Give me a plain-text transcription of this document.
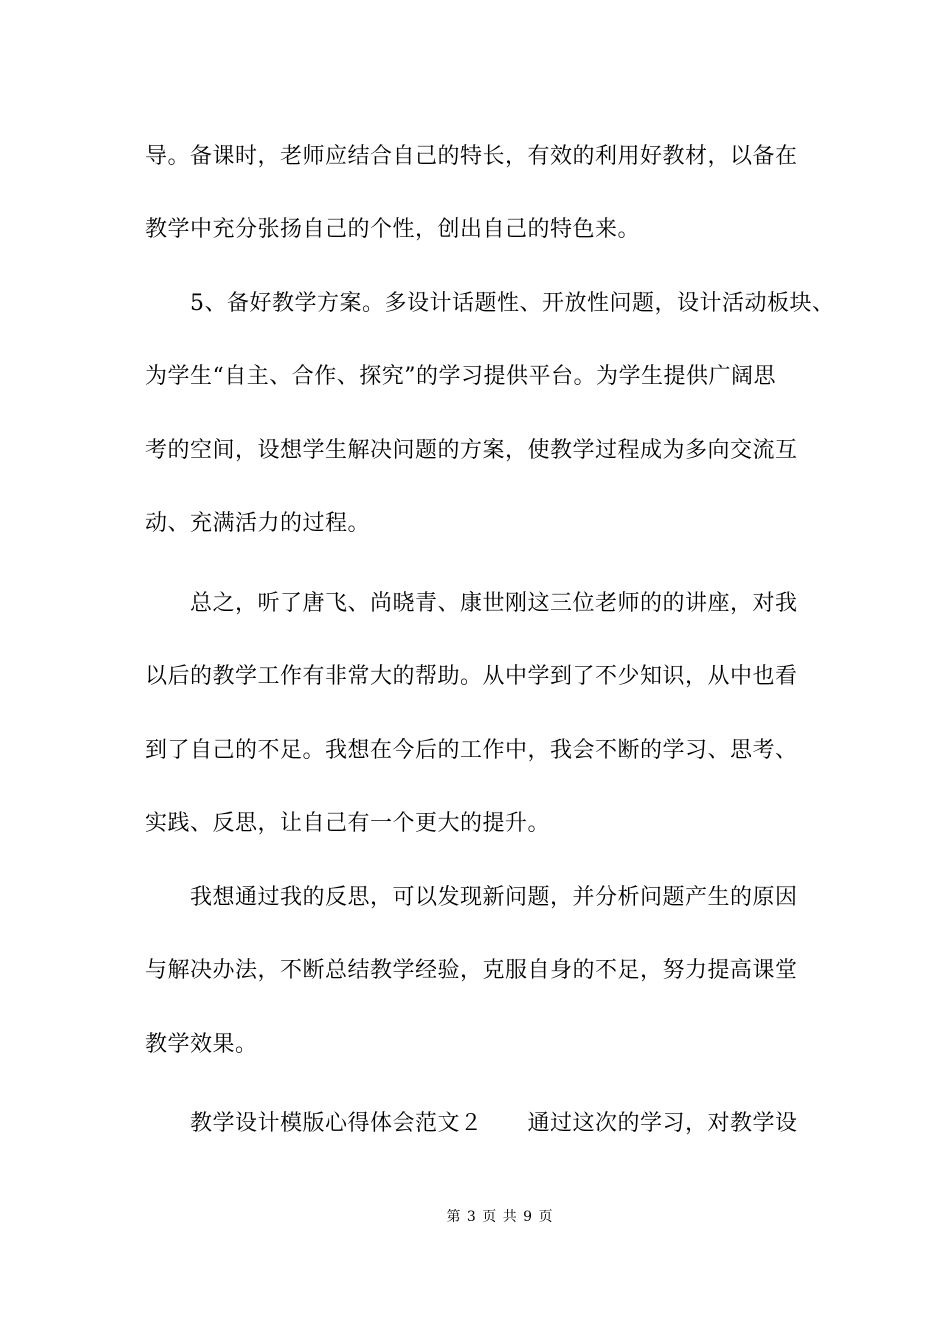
导。备课时，老师应结合自己的特长，有效的利用好教材，以备在
教学中充分张扬自己的个性，创出自己的特色来。
5、备好教学方案。多设计话题性、开放性问题，设计活动板块、
为学生“自主、合作、探究”的学习提供平台。为学生提供广阔思
考的空间，设想学生解决问题的方案，使教学过程成为多向交流互
动、充满活力的过程。
总之，听了唐飞、尚晓青、康世刚这三位老师的的讲座，对我
以后的教学工作有非常大的帮助。从中学到了不少知识，从中也看
到了自己的不足。我想在今后的工作中，我会不断的学习、思考、
实践、反思，让自己有一个更大的提升。
我想通过我的反思，可以发现新问题，并分析问题产生的原因
与解决办法，不断总结教学经验，克服自身的不足，努力提高课堂
教学效果。
教学设计模版心得体会范文２　　通过这次的学习，对教学设
第 3 页 共 9 页
